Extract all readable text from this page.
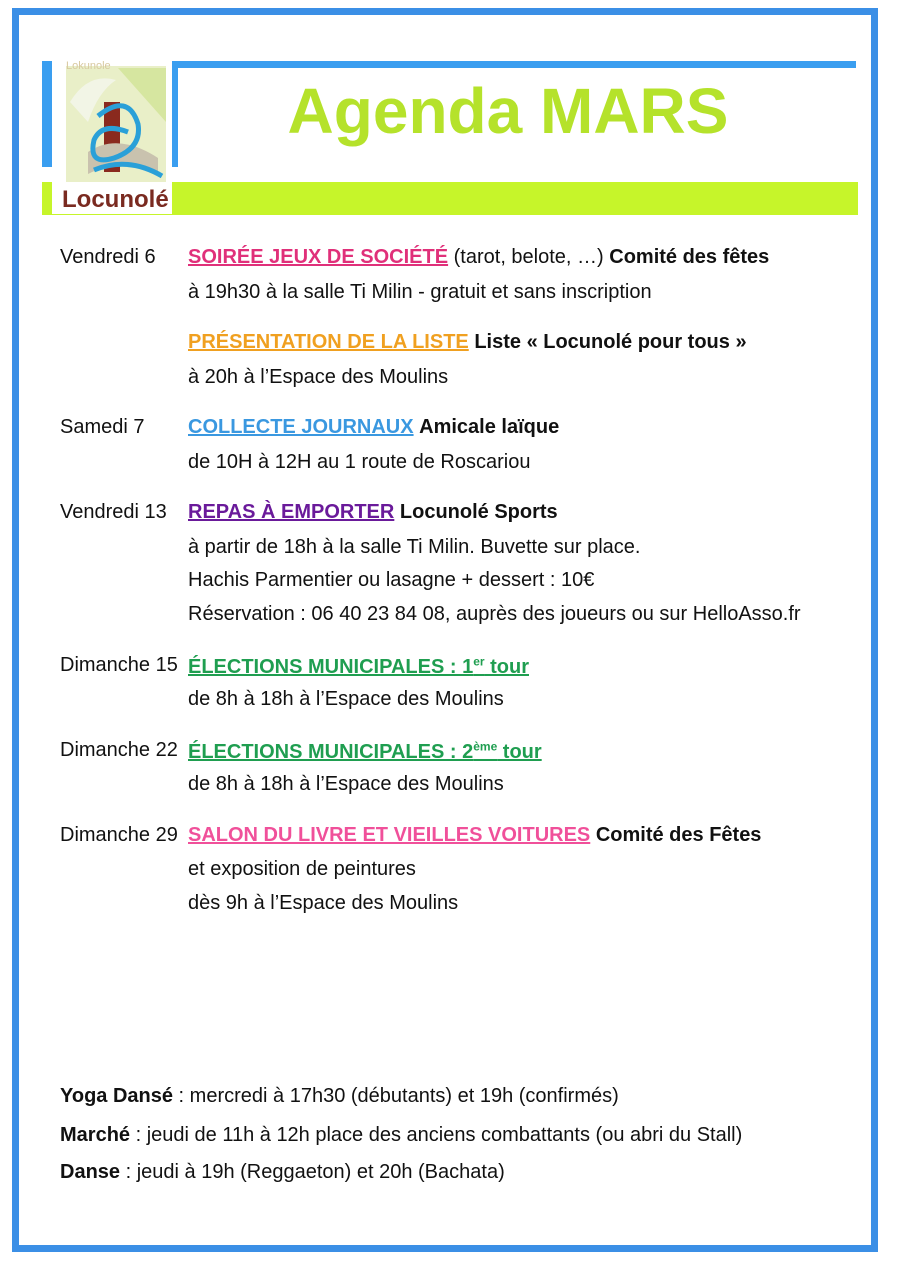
Agenda MARS
Lokunole
Locunolé
Vendredi 6 SOIRÉE JEUX DE SOCIÉTÉ (tarot, belote, …) Comité des fêtes
à 19h30 à la salle Ti Milin - gratuit et sans inscription
PRÉSENTATION DE LA LISTE Liste « Locunolé pour tous »
à 20h à l’Espace des Moulins
Samedi 7 COLLECTE JOURNAUX Amicale laïque
de 10H à 12H au 1 route de Roscariou
Vendredi 13 REPAS À EMPORTER Locunolé Sports
à partir de 18h à la salle Ti Milin. Buvette sur place.
Hachis Parmentier ou lasagne + dessert : 10€
Réservation : 06 40 23 84 08, auprès des joueurs ou sur HelloAsso.fr
Dimanche 15 ÉLECTIONS MUNICIPALES : 1er tour
de 8h à 18h à l’Espace des Moulins
Dimanche 22 ÉLECTIONS MUNICIPALES : 2ème tour
de 8h à 18h à l’Espace des Moulins
Dimanche 29 SALON DU LIVRE ET VIEILLES VOITURES Comité des Fêtes
et exposition de peintures
dès 9h à l’Espace des Moulins
Yoga Dansé : mercredi à 17h30 (débutants) et 19h (confirmés)
Marché : jeudi de 11h à 12h place des anciens combattants (ou abri du Stall)
Danse : jeudi à 19h (Reggaeton) et 20h (Bachata)
